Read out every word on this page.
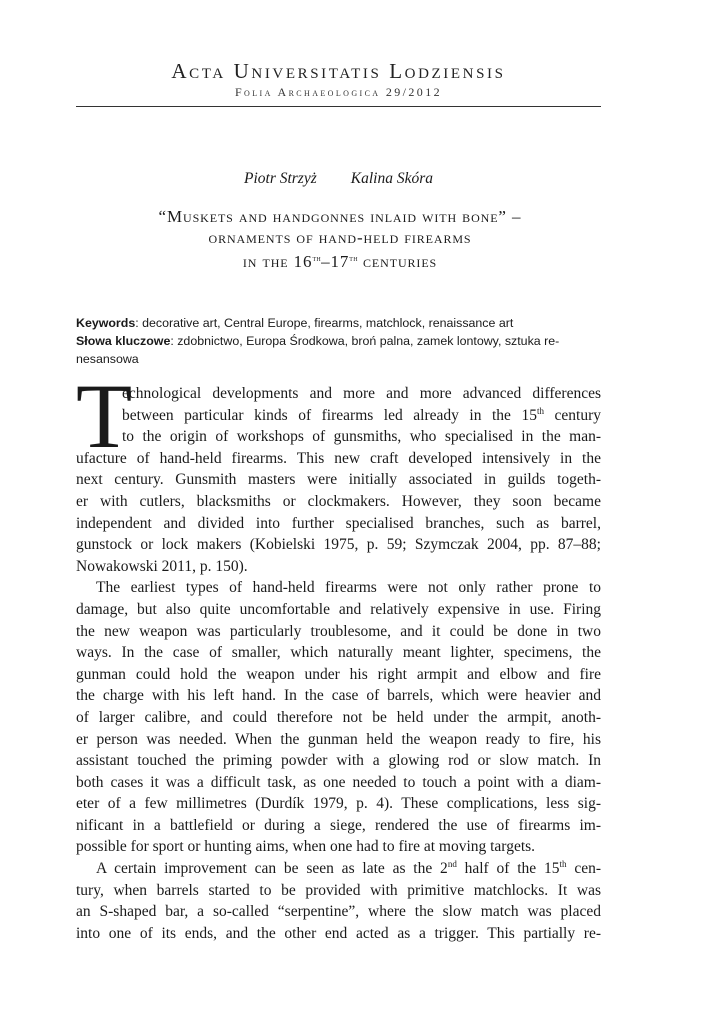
Acta Universitatis Lodziensis
Folia Archaeologica 29/2012
Piotr Strzyż Kalina Skóra
“Muskets and handgonnes inlaid with bone” –
ornaments of hand-held firearms
in the 16th–17th centuries
Keywords: decorative art, Central Europe, firearms, matchlock, renaissance art
Słowa kluczowe: zdobnictwo, Europa Środkowa, broń palna, zamek lontowy, sztuka re-
nesansowa
T
echnological developments and more and more advanced differences
between particular kinds of firearms led already in the 15th century
to the origin of workshops of gunsmiths, who specialised in the man-
ufacture of hand-held firearms. This new craft developed intensively in the
next century. Gunsmith masters were initially associated in guilds togeth-
er with cutlers, blacksmiths or clockmakers. However, they soon became
independent and divided into further specialised branches, such as barrel,
gunstock or lock makers (Kobielski 1975, p. 59; Szymczak 2004, pp. 87–88;
Nowakowski 2011, p. 150).
The earliest types of hand-held firearms were not only rather prone to
damage, but also quite uncomfortable and relatively expensive in use. Firing
the new weapon was particularly troublesome, and it could be done in two
ways. In the case of smaller, which naturally meant lighter, specimens, the
gunman could hold the weapon under his right armpit and elbow and fire
the charge with his left hand. In the case of barrels, which were heavier and
of larger calibre, and could therefore not be held under the armpit, anoth-
er person was needed. When the gunman held the weapon ready to fire, his
assistant touched the priming powder with a glowing rod or slow match. In
both cases it was a difficult task, as one needed to touch a point with a diam-
eter of a few millimetres (Durdík 1979, p. 4). These complications, less sig-
nificant in a battlefield or during a siege, rendered the use of firearms im-
possible for sport or hunting aims, when one had to fire at moving targets.
A certain improvement can be seen as late as the 2nd half of the 15th cen-
tury, when barrels started to be provided with primitive matchlocks. It was
an S-shaped bar, a so-called “serpentine”, where the slow match was placed
into one of its ends, and the other end acted as a trigger. This partially re-
